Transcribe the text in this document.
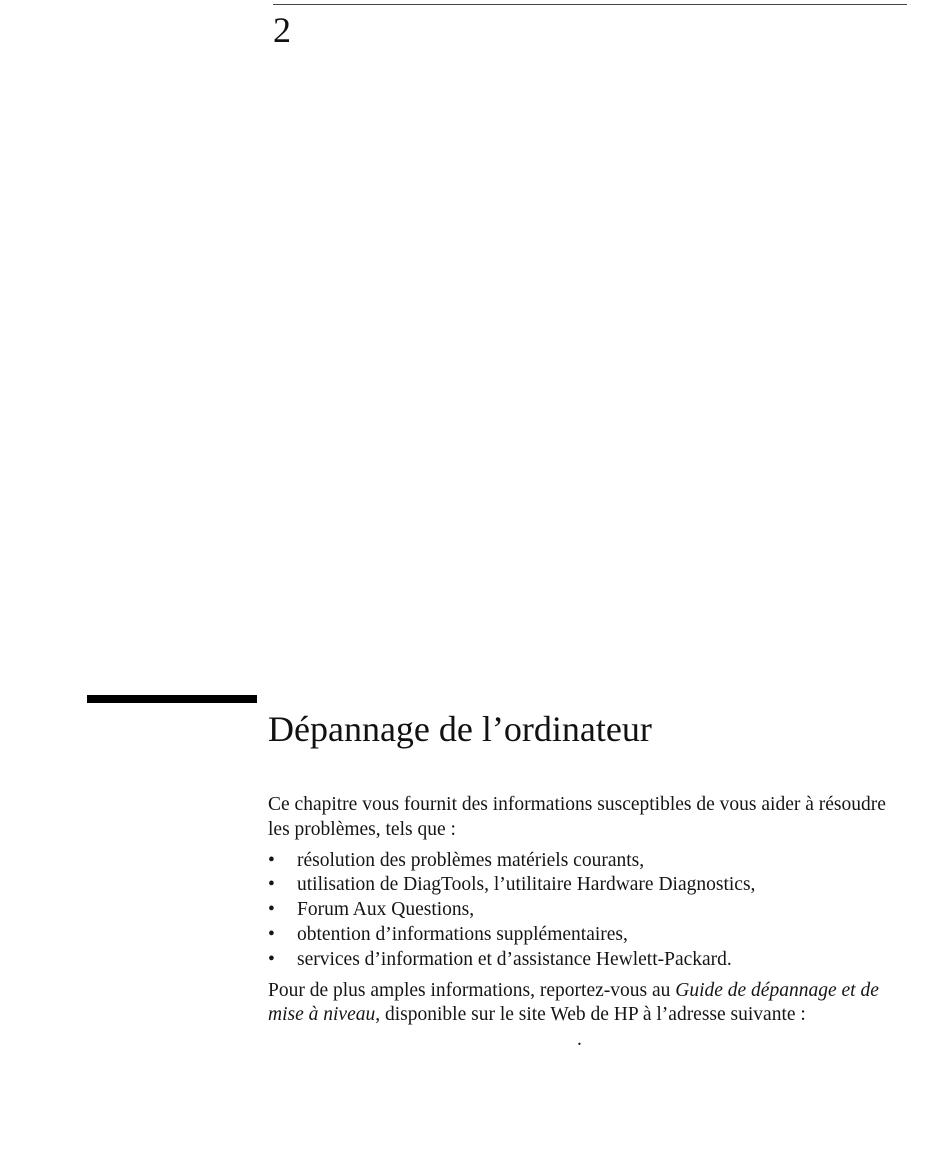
2
Dépannage de l’ordinateur

Ce chapitre vous fournit des informations susceptibles de vous aider à résoudre les problèmes, tels que :

•	résolution des problèmes matériels courants,
•	utilisation de DiagTools, l’utilitaire Hardware Diagnostics,
•	Forum Aux Questions,
•	obtention d’informations supplémentaires,
•	services d’information et d’assistance Hewlett-Packard.

Pour de plus amples informations, reportez-vous au Guide de dépannage et de mise à niveau, disponible sur le site Web de HP à l’adresse suivante :.
